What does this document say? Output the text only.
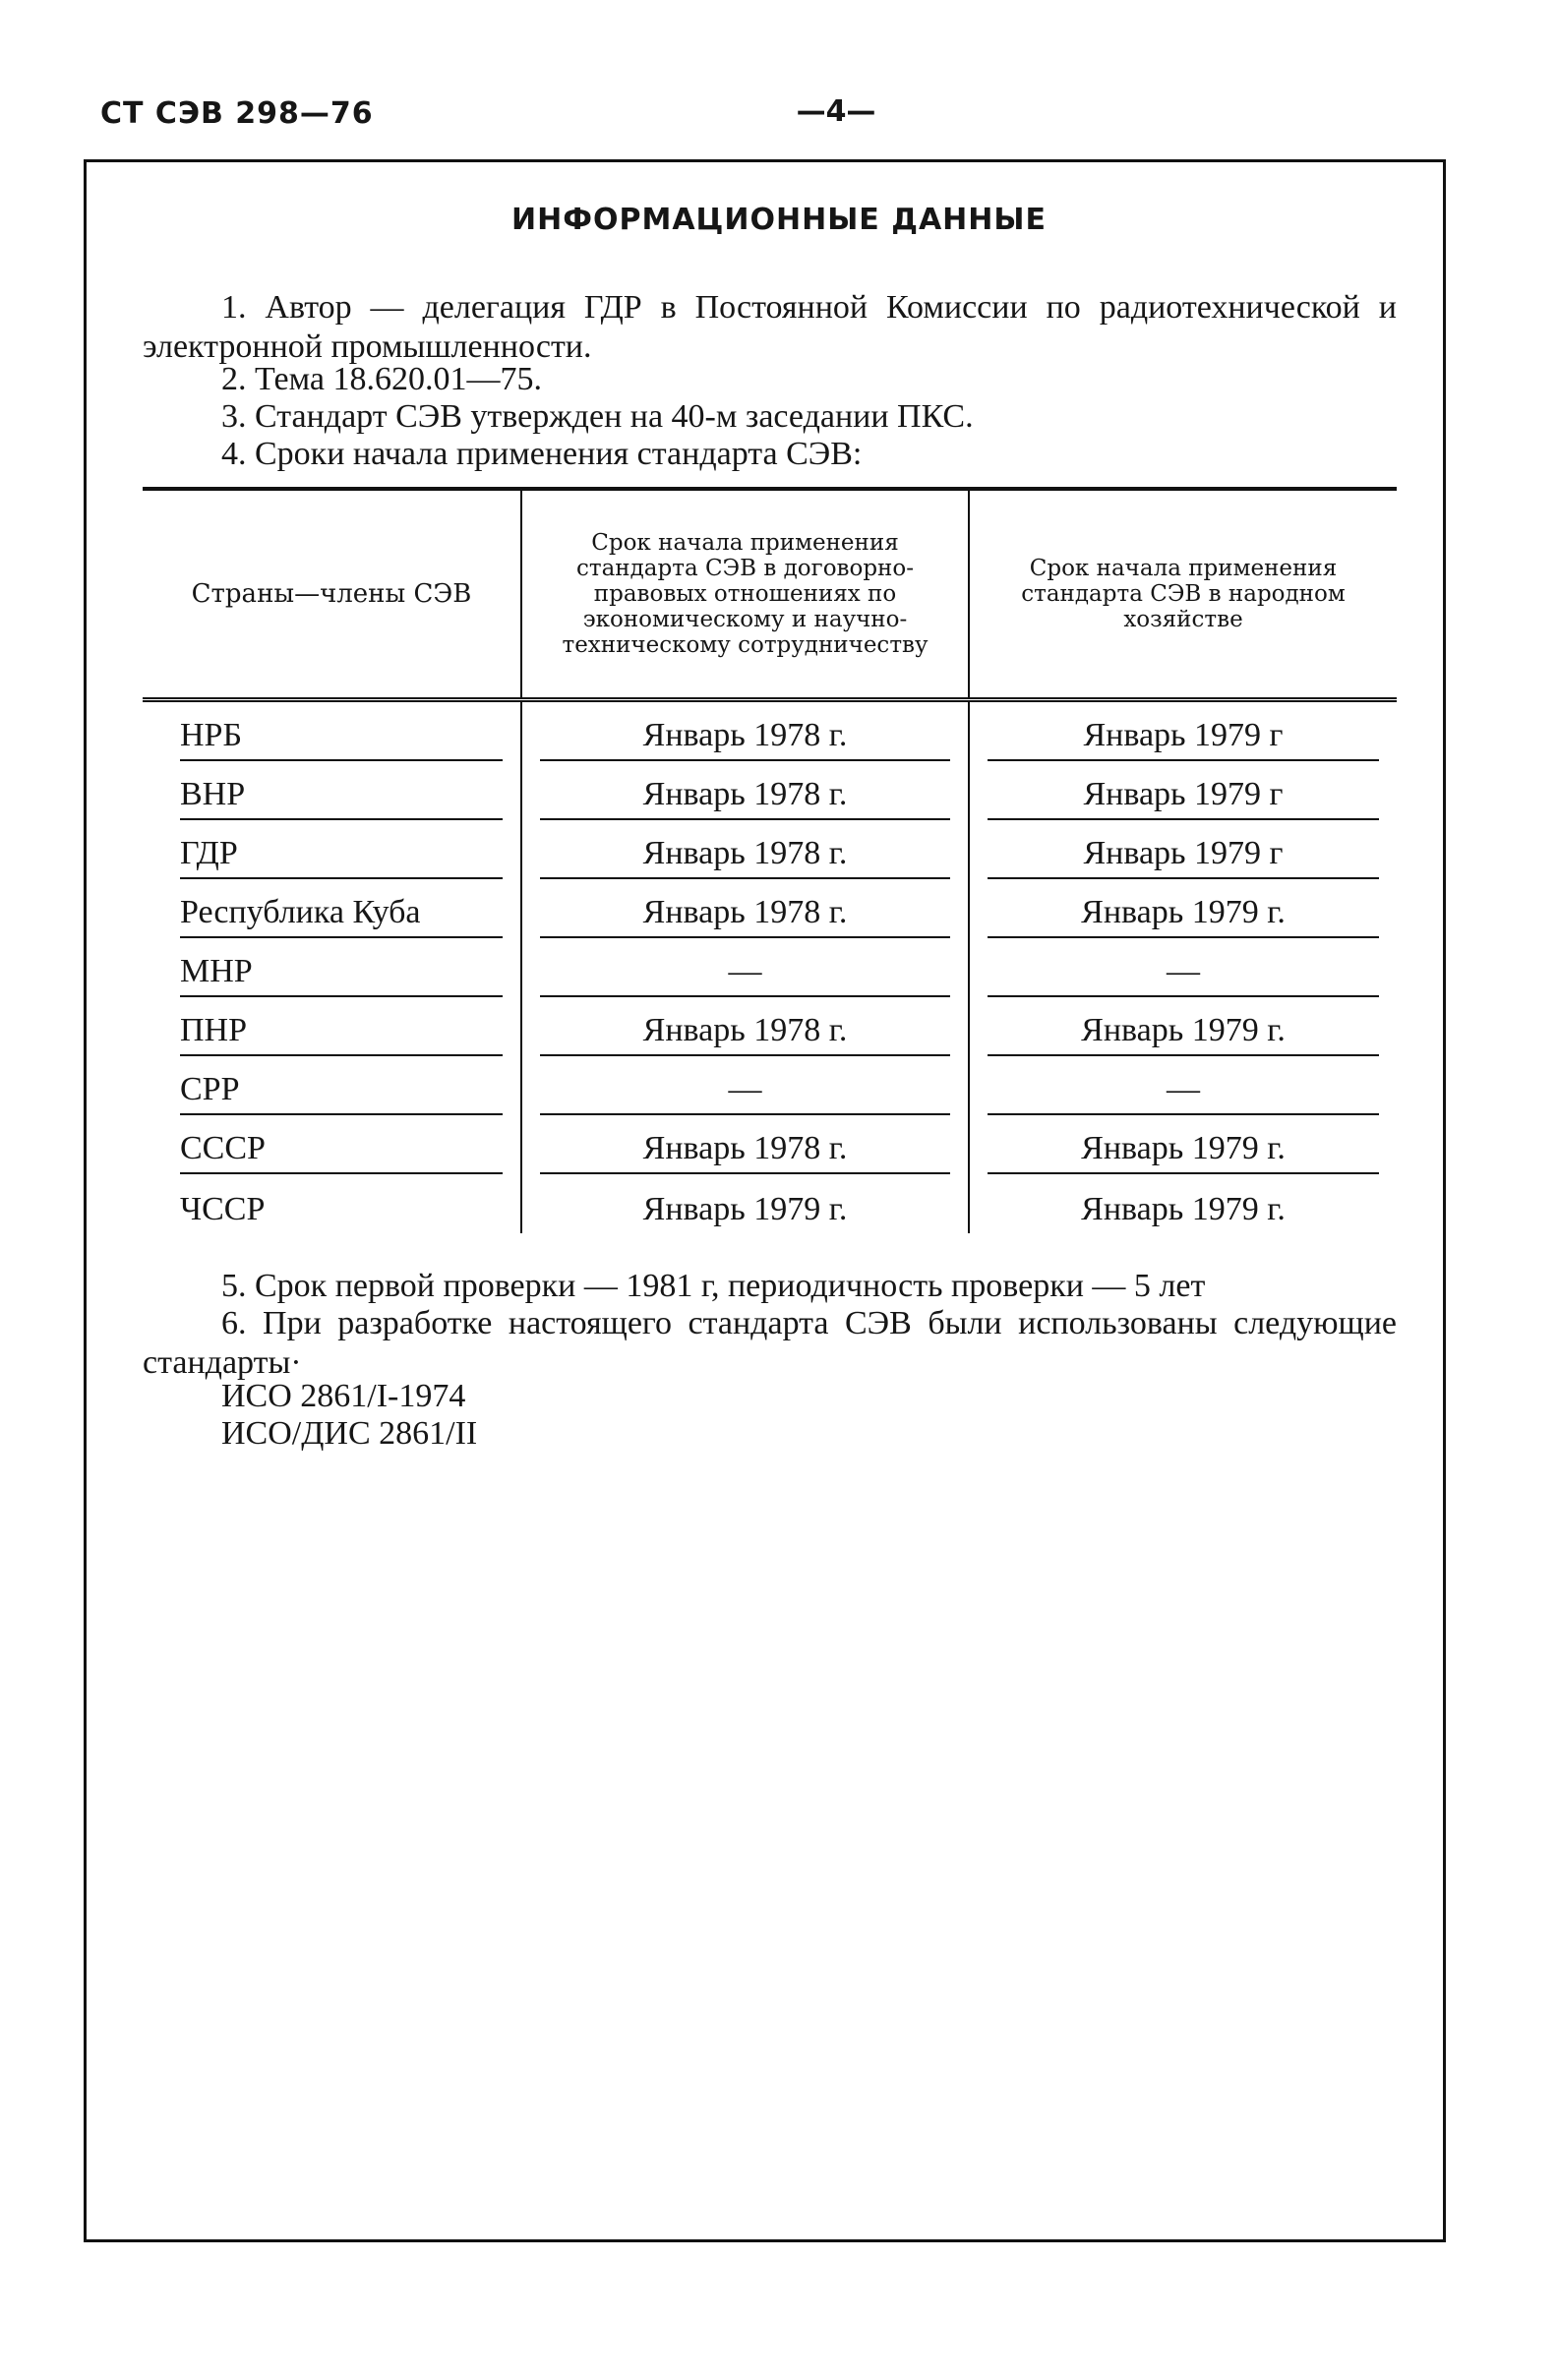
СТ СЭВ 298—76	—4—
ИНФОРМАЦИОННЫЕ ДАННЫЕ
1. Автор — делегация ГДР в Постоянной Комиссии по радиотехнической и электронной промышленности.
2. Тема 18.620.01—75.
3. Стандарт СЭВ утвержден на 40-м заседании ПКС.
4. Сроки начала применения стандарта СЭВ:
Страны—члены СЭВ	Срок начала применения стандарта СЭВ в договорно-правовых отношениях по экономическому и научно-техническому сотрудничеству	Срок начала применения стандарта СЭВ в народном хозяйстве

НРБ	Январь 1978 г.	Январь 1979 г

ВНР	Январь 1978 г.	Январь 1979 г

ГДР	Январь 1978 г.	Январь 1979 г

Республика Куба	Январь 1978 г.	Январь 1979 г.

МНР	—	—

ПНР	Январь 1978 г.	Январь 1979 г.

СРР	—	—

СССР	Январь 1978 г.	Январь 1979 г.

ЧССР	Январь 1979 г.	Январь 1979 г.
5. Срок первой проверки — 1981 г, периодичность проверки — 5 лет
6. При разработке настоящего стандарта СЭВ были использованы следующие стандарты·
ИСО 2861/I-1974
ИСО/ДИС 2861/II
